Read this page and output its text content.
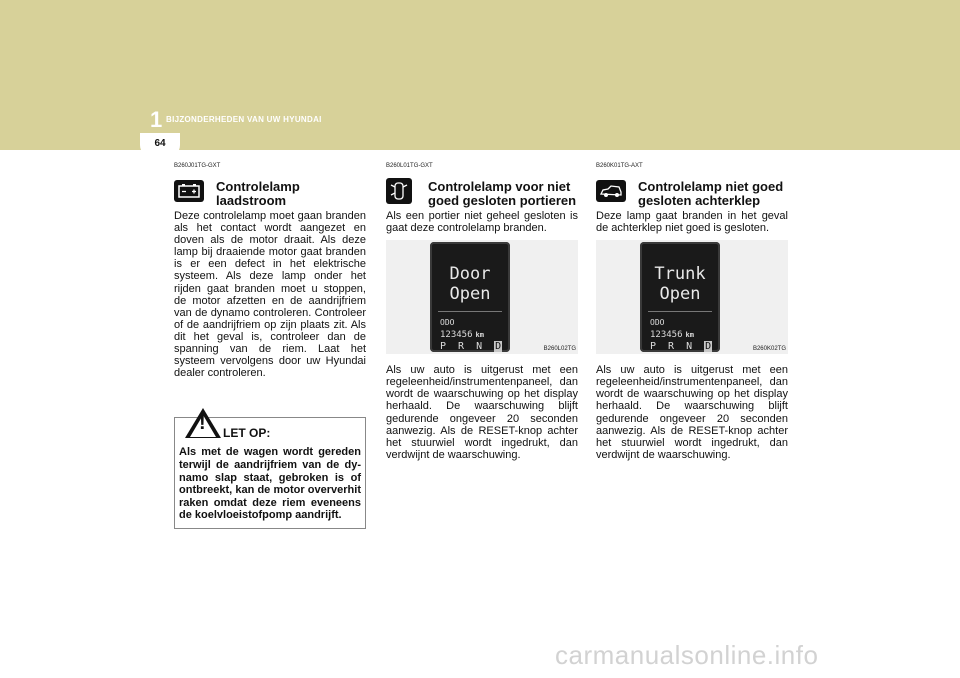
1 BIJZONDERHEDEN VAN UW HYUNDAI
64
B260J01TG-GXT
Controlelamp
laadstroom

Deze controlelamp moet gaan branden als het contact wordt aangezet en doven als de motor draait. Als deze lamp bij draaiende motor gaat branden is er een defect in het elektrische systeem. Als deze lamp onder het rijden gaat branden moet u stoppen, de motor afzetten en de aandrijfriem van de dynamo controleren. Controleer of de aandrijfriem op zijn plaats zit. Als dit het geval is, controleer dan de spanning van de riem. Laat het systeem vervolgens door uw Hyundai dealer controleren.

! LET OP:

Als met de wagen wordt gereden terwijl de aandrijfriem van de dy-namo slap staat, gebroken is of ontbreekt, kan de motor oververhit raken omdat deze riem eveneens de koelvloeistofpomp aandrijft.

B260L01TG-GXT
Controlelamp voor niet
goed gesloten portieren

Als een portier niet geheel gesloten is gaat deze controlelamp branden.

Door
Open
ODO
123456 km
P R N D	B260L02TG

Als uw auto is uitgerust met een regeleenheid/instrumentenpaneel, dan wordt de waarschuwing op het display herhaald. De waarschuwing blijft gedurende ongeveer 20 seconden aanwezig. Als de RESET-knop achter het stuurwiel wordt ingedrukt, dan verdwijnt de waarschuwing.

B260K01TG-AXT
Controlelamp niet goed
gesloten achterklep

Deze lamp gaat branden in het geval de achterklep niet goed is gesloten.

Trunk
Open
ODO
123456 km
P R N D	B260K02TG

Als uw auto is uitgerust met een regeleenheid/instrumentenpaneel, dan wordt de waarschuwing op het display herhaald. De waarschuwing blijft gedurende ongeveer 20 seconden aanwezig. Als de RESET-knop achter het stuurwiel wordt ingedrukt, dan verdwijnt de waarschuwing.

carmanualsonline.info
